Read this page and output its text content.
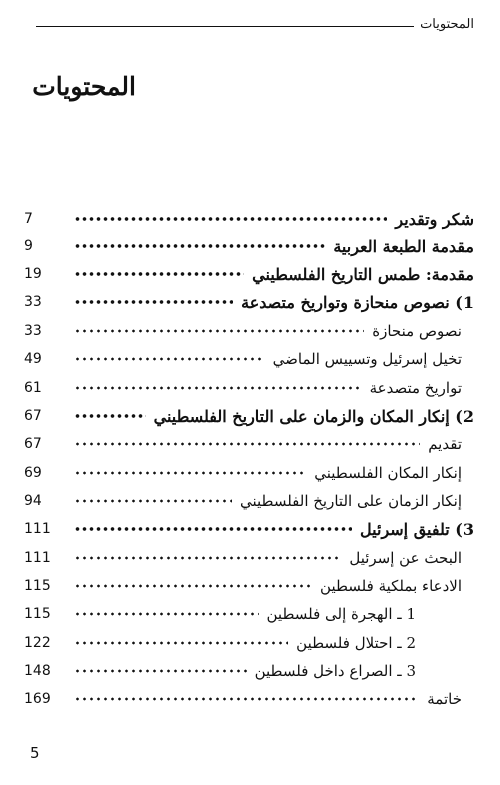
المحتويات
المحتويات
شكر وتقدير
7
مقدمة الطبعة العربية
9
مقدمة: طمس التاريخ الفلسطيني
19
1) نصوص منحازة وتواريخ متصدعة
33
نصوص منحازة
33
تخيل إسرئيل وتسييس الماضي
49
تواريخ متصدعة
61
2) إنكار المكان والزمان على التاريخ الفلسطيني
67
تقديم
67
إنكار المكان الفلسطيني
69
إنكار الزمان على التاريخ الفلسطيني
94
3) تلفيق إسرئيل
111
البحث عن إسرئيل
111
الادعاء بملكية فلسطين
115
1 ـ الهجرة إلى فلسطين
115
2 ـ احتلال فلسطين
122
3 ـ الصراع داخل فلسطين
148
خاتمة
169
5
